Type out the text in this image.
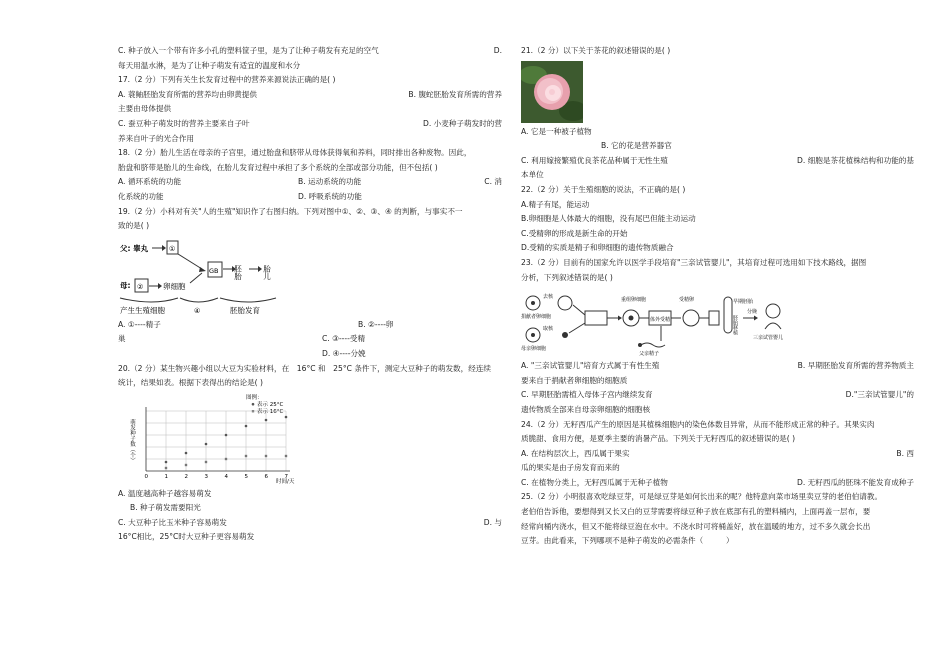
C. 种子放入一个带有许多小孔的塑料筐子里，是为了让种子萌发有充足的空气	D.
每天用温水淋，是为了让种子萌发有适宜的温度和水分
17.（2 分）下列有关生长发育过程中的营养来源说法正确的是( )
A. 蓑鲉胚胎发育所需的营养均由卵黄提供	B. 腹蛇胚胎发育所需的营养
主要由母体提供
C. 蚕豆种子萌发时的营养主要来自子叶	D. 小麦种子萌发时的营
养来自叶子的光合作用
18.（2 分）胎儿生活在母亲的子宫里，通过胎盘和脐带从母体获得氧和养料，同时排出各种废物。因此，
胎盘和脐带是胎儿的生命线，在胎儿发育过程中承担了多个系统的全部或部分功能，但不包括( )
A. 循环系统的功能	B. 运动系统的功能	C. 消
化系统的功能	D. 呼吸系统的功能
19.（2 分）小科对有关"人的生殖"知识作了右图归纳。下列对图中①、②、③、④ 的判断，与事实不一
致的是( )
父: 睾丸	①
母: ②	卵细胞
GB 胚胎	胎儿
产生生殖细胞	④	胚胎发育
A. ①----精子	B. ②----卵
巢	C. ③----受精
D. ④----分娩
20.（2 分）某生物兴趣小组以大豆为实验材料，在　16°C 和　25°C 条件下，测定大豆种子的萌发数，经连续
统计，结果如表。根据下表得出的结论是( )
图例：
表示 25°C
表示 16°C
0	1	2	3	4	5	6	7
萌发种子数（个）
时间/天
A. 温度越高种子越容易萌发
B. 种子萌发需要阳光
C. 大豆种子比玉米种子容易萌发	D. 与
16°C相比，25°C时大豆种子更容易萌发
21.（2 分）以下关于茶花的叙述错误的是( )
A. 它是一种被子植物
B. 它的花是营养器官
C. 利用嫁接繁殖优良茶花品种属于无性生殖	D. 细胞是茶花植株结构和功能的基
本单位
22.（2 分）关于生殖细胞的说法，不正确的是( )
A.精子有尾，能运动
B.卵细胞是人体最大的细胞，没有尾巴但能主动运动
C.受精卵的形成是新生命的开始
D.受精的实质是精子和卵细胞的遗传物质融合
23.（2 分）目前有的国家允许以医学手段培育"三亲试管婴儿"，其培育过程可选用如下技术路线，据图
分析，下列叙述错误的是( )
去核
捐献者卵细胞
取核
母亲卵细胞
重组卵细胞
体外受精
父亲精子
受精卵	早期胚胎
胚胎移植
分娩
三亲试管婴儿
A. "三亲试管婴儿"培育方式属于有性生殖	B. 早期胚胎发育所需的营养物质主
要来自于捐献者卵细胞的细胞质
C. 早期胚胎需植入母体子宫内继续发育	D."三亲试管婴儿"的
遗传物质全部来自母亲卵细胞的细胞核
24.（2 分）无籽西瓜产生的原因是其植株细胞内的染色体数目异常，从而不能形成正常的种子。其果实肉
质脆甜、食用方便，是夏季主要的消暑产品。下列关于无籽西瓜的叙述错误的是( )
A. 在结构层次上，西瓜属于果实	B. 西
瓜的果实是由子房发育而来的
C. 在植物分类上，无籽西瓜属于无种子植物	D. 无籽西瓜的胚珠不能发育成种子
25.（2 分）小明很喜欢吃绿豆芽，可是绿豆芽是如何长出来的呢？他特意向菜市场里卖豆芽的老伯伯请教。
老伯伯告诉他，要想得到又长又白的豆芽需要将绿豆种子放在底部有孔的塑料桶内，上面再盖一层布，要
经常向桶内浇水，但又不能将绿豆泡在水中。不浇水时可将桶盖好，放在温暖的地方，过不多久就会长出
豆芽。由此看来，下列哪项不是种子萌发的必需条件（　　　）
